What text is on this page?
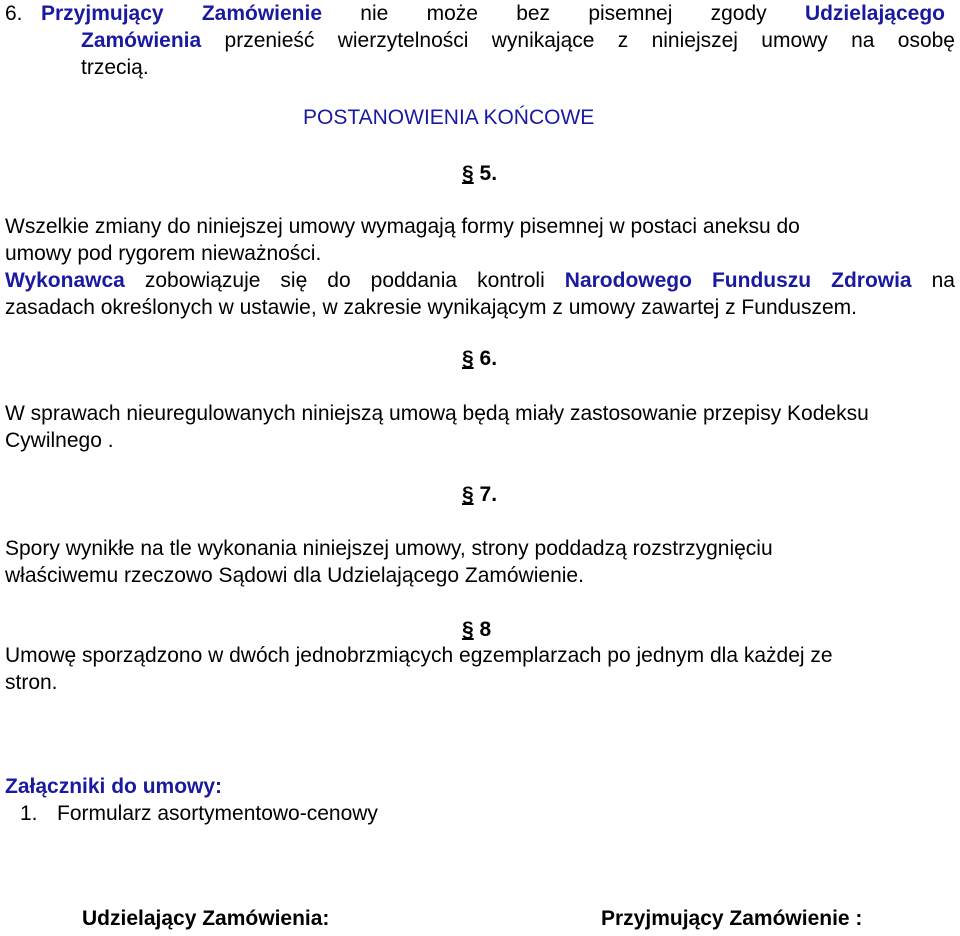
6. Przyjmujący Zamówienie nie może bez pisemnej zgody Udzielającego
Zamówienia przenieść wierzytelności wynikające z niniejszej umowy na osobę
trzecią.
POSTANOWIENIA KOŃCOWE
§ 5.
Wszelkie zmiany do niniejszej umowy wymagają formy pisemnej w postaci aneksu do
umowy pod rygorem nieważności.
Wykonawca zobowiązuje się do poddania kontroli Narodowego Funduszu Zdrowia na
zasadach określonych w ustawie, w zakresie wynikającym z umowy zawartej z Funduszem.
§ 6.
W sprawach nieuregulowanych niniejszą umową będą miały zastosowanie przepisy Kodeksu
Cywilnego .
§ 7.
Spory wynikłe na tle wykonania niniejszej umowy, strony poddadzą rozstrzygnięciu
właściwemu rzeczowo Sądowi dla Udzielającego Zamówienie.
§ 8
Umowę sporządzono w dwóch jednobrzmiących egzemplarzach po jednym dla każdej ze
stron.
Załączniki do umowy:
1. Formularz asortymentowo-cenowy
Udzielający Zamówienia:	Przyjmujący Zamówienie :
